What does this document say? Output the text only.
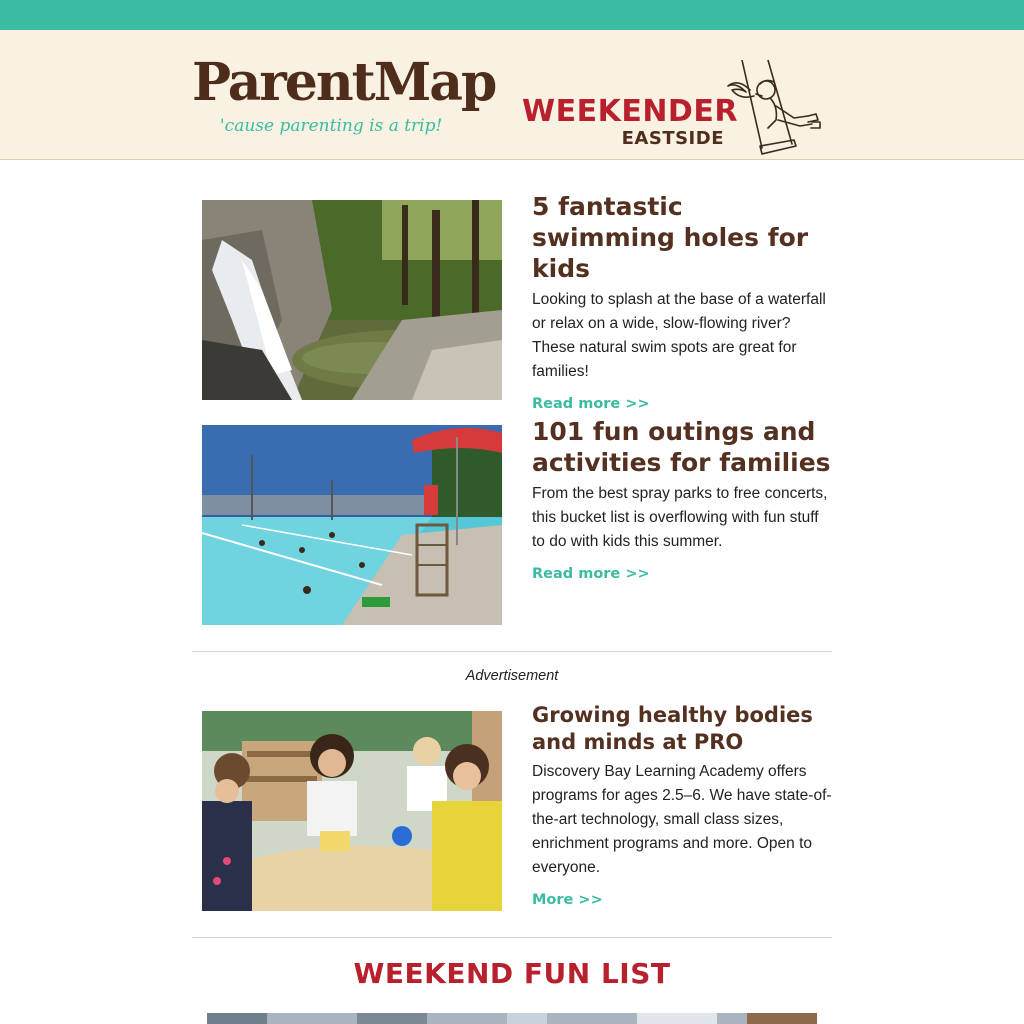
ParentMap
'cause parenting is a trip!	WEEKENDER
EASTSIDE
5 fantastic swimming holes for kids
Looking to splash at the base of a waterfall or relax on a wide, slow-flowing river? These natural swim spots are great for families!
Read more >>
101 fun outings and activities for families
From the best spray parks to free concerts, this bucket list is overflowing with fun stuff to do with kids this summer.
Read more >>
Advertisement
Growing healthy bodies and minds at PRO
Discovery Bay Learning Academy offers programs for ages 2.5–6. We have state-of-the-art technology, small class sizes, enrichment programs and more. Open to everyone.
More >>
WEEKEND FUN LIST
